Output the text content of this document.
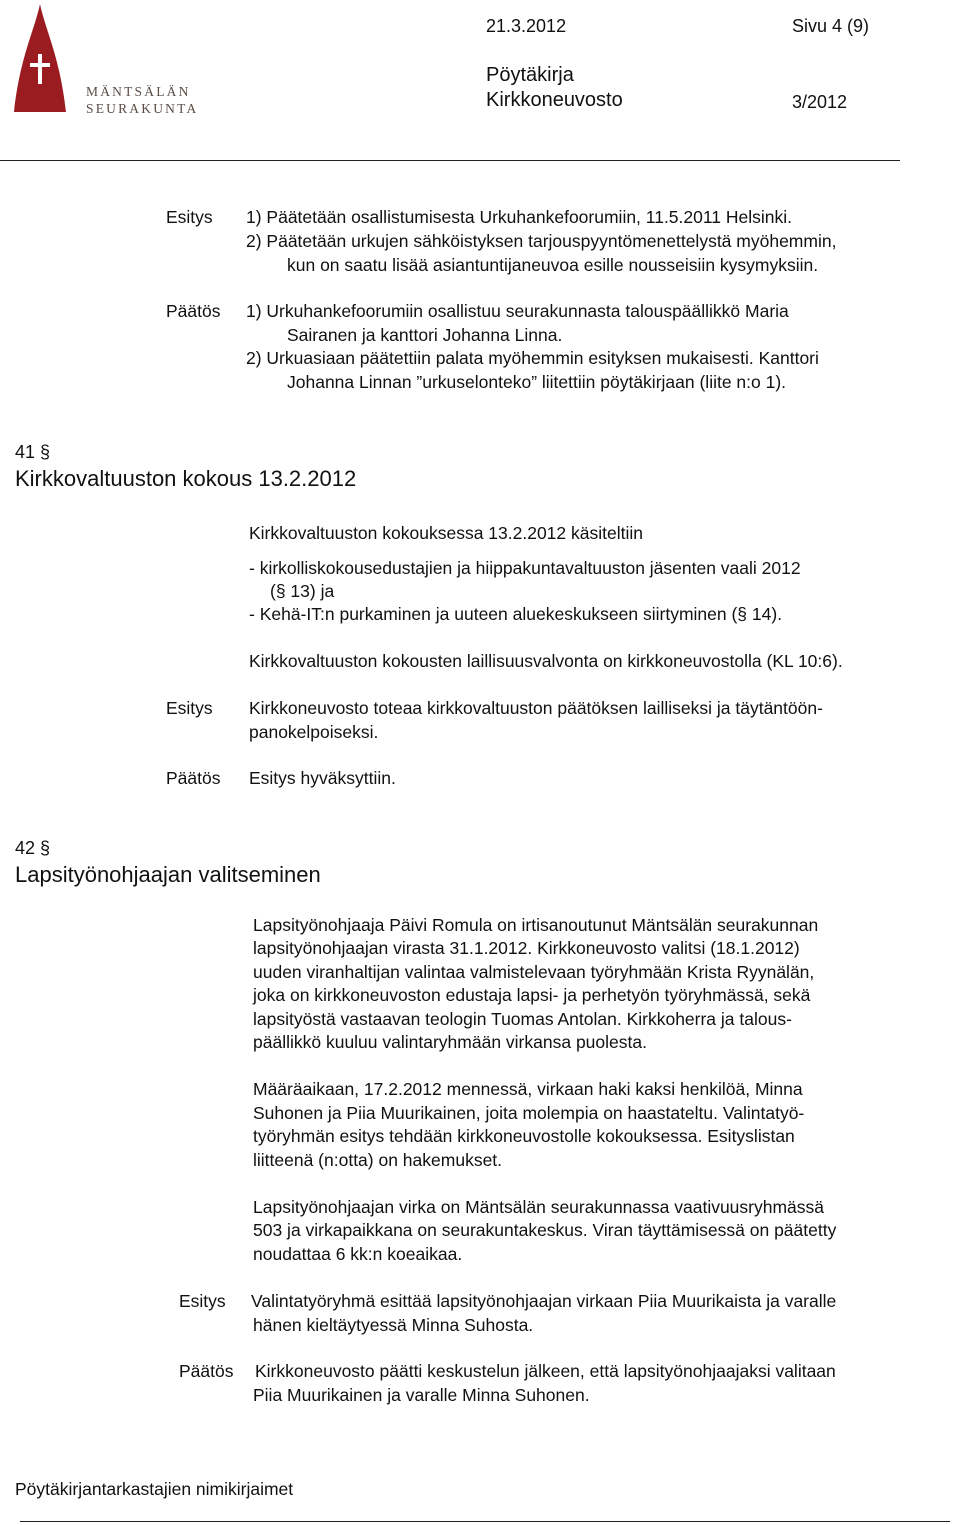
MÄNTSÄLÄN
SEURAKUNTA
21.3.2012	Sivu 4 (9)
Pöytäkirja
Kirkkoneuvosto	3/2012
Esitys 1) Päätetään osallistumisesta Urkuhankefoorumiin, 11.5.2011 Helsinki.
2) Päätetään urkujen sähköistyksen tarjouspyyntömenettelystä myöhemmin,
kun on saatu lisää asiantuntijaneuvoa esille nousseisiin kysymyksiin.
Päätös 1) Urkuhankefoorumiin osallistuu seurakunnasta talouspäällikkö Maria
Sairanen ja kanttori Johanna Linna.
2) Urkuasiaan päätettiin palata myöhemmin esityksen mukaisesti. Kanttori
Johanna Linnan ”urkuselonteko” liitettiin pöytäkirjaan (liite n:o 1).
41 §
Kirkkovaltuuston kokous 13.2.2012
Kirkkovaltuuston kokouksessa 13.2.2012 käsiteltiin
- kirkolliskokousedustajien ja hiippakuntavaltuuston jäsenten vaali 2012
(§ 13) ja
- Kehä-IT:n purkaminen ja uuteen aluekeskukseen siirtyminen (§ 14).
Kirkkovaltuuston kokousten laillisuusvalvonta on kirkkoneuvostolla (KL 10:6).
Esitys Kirkkoneuvosto toteaa kirkkovaltuuston päätöksen lailliseksi ja täytäntöön-
panokelpoiseksi.
Päätös Esitys hyväksyttiin.
42 §
Lapsityönohjaajan valitseminen
Lapsityönohjaaja Päivi Romula on irtisanoutunut Mäntsälän seurakunnan
lapsityönohjaajan virasta 31.1.2012. Kirkkoneuvosto valitsi (18.1.2012)
uuden viranhaltijan valintaa valmistelevaan työryhmään Krista Ryynälän,
joka on kirkkoneuvoston edustaja lapsi- ja perhetyön työryhmässä, sekä
lapsityöstä vastaavan teologin Tuomas Antolan. Kirkkoherra ja talous-
päällikkö kuuluu valintaryhmään virkansa puolesta.
Määräaikaan, 17.2.2012 mennessä, virkaan haki kaksi henkilöä, Minna
Suhonen ja Piia Muurikainen, joita molempia on haastateltu. Valintatyö-
työryhmän esitys tehdään kirkkoneuvostolle kokouksessa. Esityslistan
liitteenä (n:otta) on hakemukset.
Lapsityönohjaajan virka on Mäntsälän seurakunnassa vaativuusryhmässä
503 ja virkapaikkana on seurakuntakeskus. Viran täyttämisessä on päätetty
noudattaa 6 kk:n koeaikaa.
Esitys Valintatyöryhmä esittää lapsityönohjaajan virkaan Piia Muurikaista ja varalle
hänen kieltäytyessä Minna Suhosta.
Päätös Kirkkoneuvosto päätti keskustelun jälkeen, että lapsityönohjaajaksi valitaan
Piia Muurikainen ja varalle Minna Suhonen.
Pöytäkirjantarkastajien nimikirjaimet
